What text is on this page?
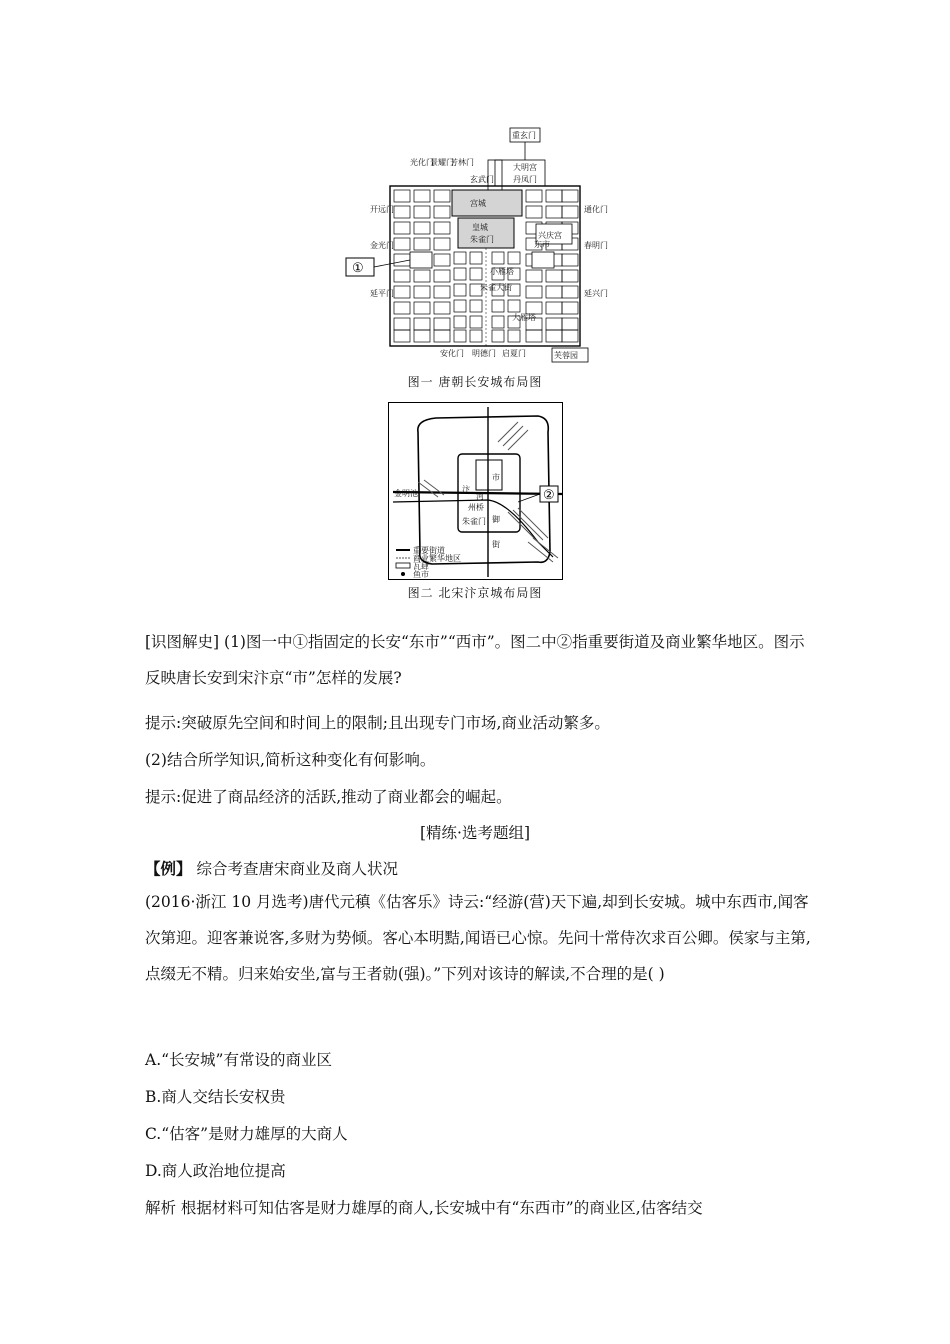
重玄门
大明宫
丹凤门
玄武门
光化门
景耀门
芳林门
宫城
皇城
朱雀门
开远门
金光门
延平门
通化门
春明门
延兴门
兴庆宫
东市
小雁塔
大雁塔
芙蓉园
安化门 明德门 启夏门
朱雀大街
①
图一 唐朝长安城布局图
②
汴
河
州桥
朱雀门 御
街
市
金明池
重要街道
商业繁华地区
瓦肆
鱼市
图二 北宋汴京城布局图
[识图解史] (1)图一中①指固定的长安“东市”“西市”。图二中②指重要街道及商业繁华地区。图示反映唐长安到宋汴京“市”怎样的发展?
提示:突破原先空间和时间上的限制;且出现专门市场,商业活动繁多。
(2)结合所学知识,简析这种变化有何影响。
提示:促进了商品经济的活跃,推动了商业都会的崛起。
[精练·选考题组]
【例】 综合考查唐宋商业及商人状况
(2016·浙江 10 月选考)唐代元稹《估客乐》诗云:“经游(营)天下遍,却到长安城。城中东西市,闻客次第迎。迎客兼说客,多财为势倾。客心本明黠,闻语已心惊。先问十常侍次求百公卿。侯家与主第,点缀无不精。归来始安坐,富与王者勍(强)。”下列对该诗的解读,不合理的是( )
A.“长安城”有常设的商业区
B.商人交结长安权贵
C.“估客”是财力雄厚的大商人
D.商人政治地位提高
解析 根据材料可知估客是财力雄厚的商人,长安城中有“东西市”的商业区,估客结交
